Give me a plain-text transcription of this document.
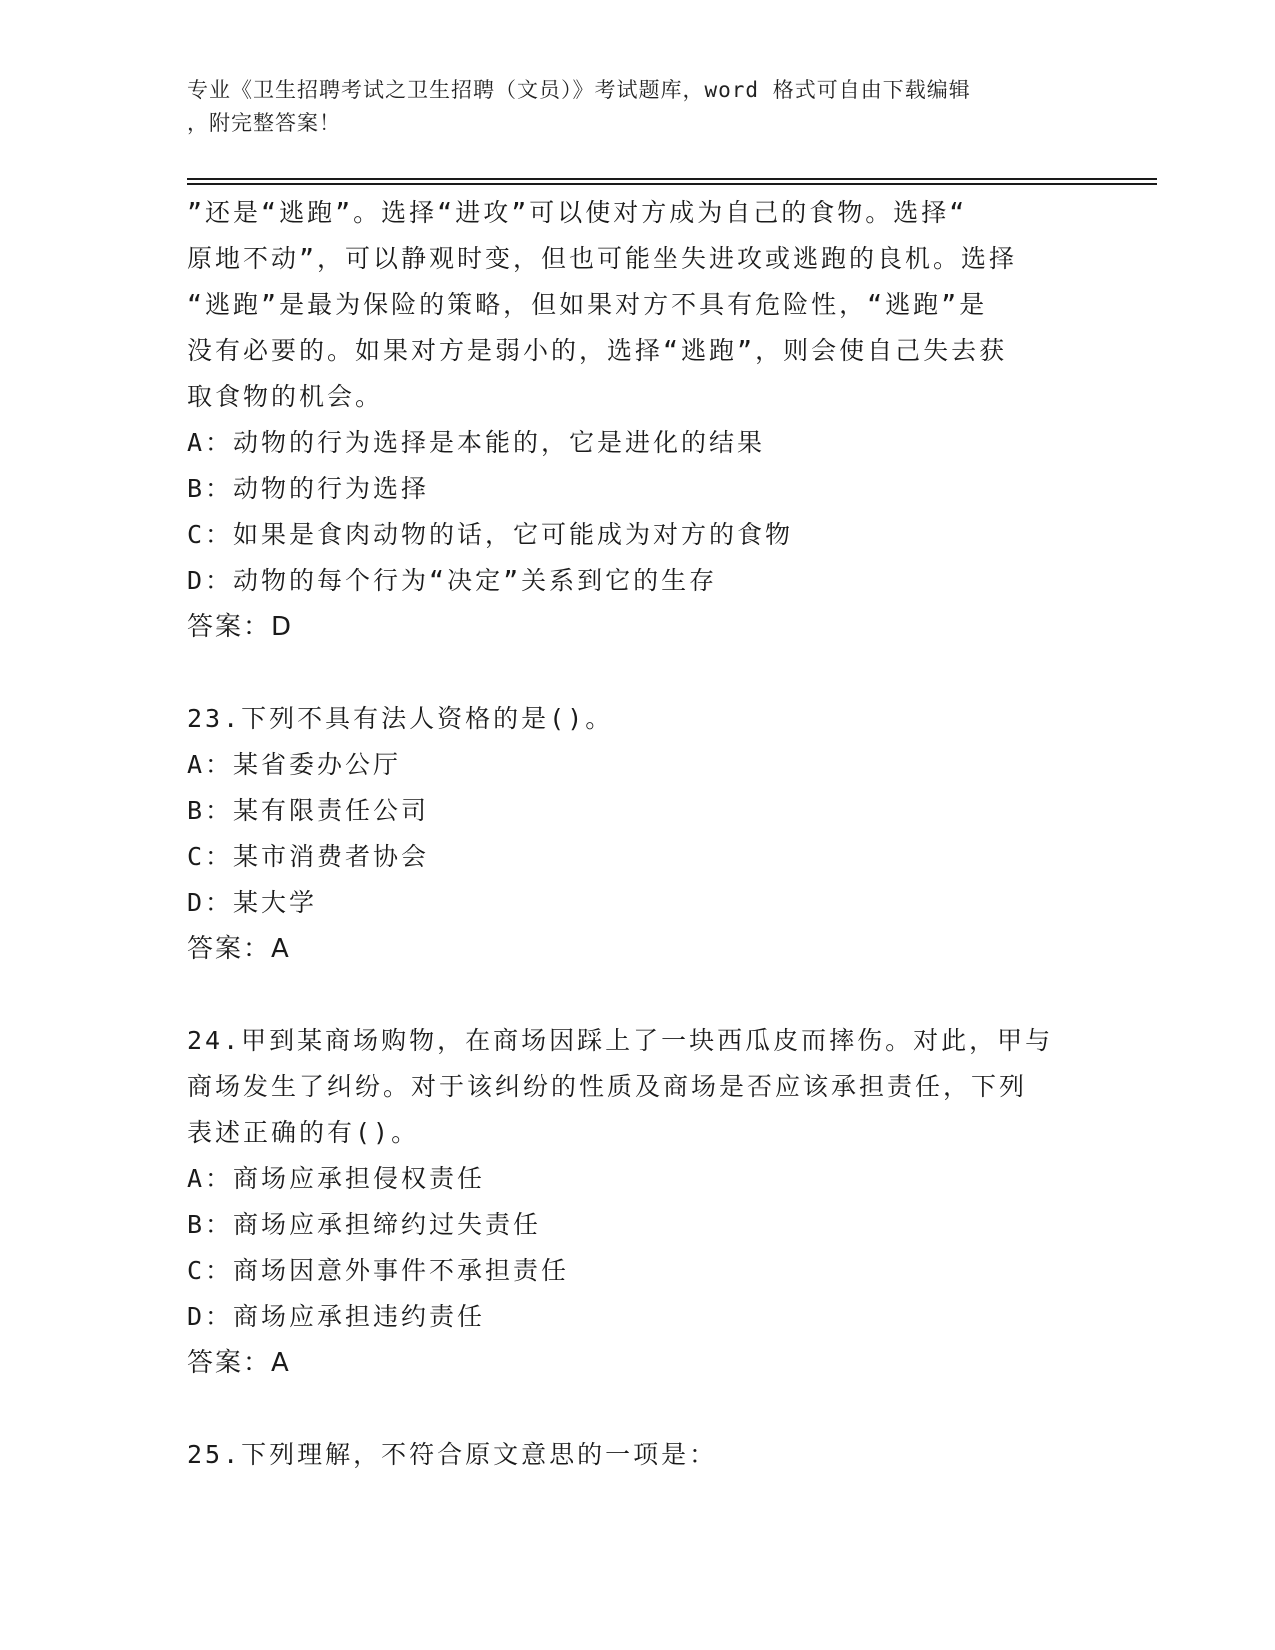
专业《卫生招聘考试之卫生招聘（文员）》考试题库，word 格式可自由下载编辑
，附完整答案！

”还是“逃跑”。选择“进攻”可以使对方成为自己的食物。选择“

原地不动”，可以静观时变，但也可能坐失进攻或逃跑的良机。选择

“逃跑”是最为保险的策略，但如果对方不具有危险性，“逃跑”是

没有必要的。如果对方是弱小的，选择“逃跑”，则会使自己失去获

取食物的机会。

A：动物的行为选择是本能的，它是进化的结果

B：动物的行为选择

C：如果是食肉动物的话，它可能成为对方的食物

D：动物的每个行为“决定”关系到它的生存

答案：D

23.下列不具有法人资格的是()。

A：某省委办公厅

B：某有限责任公司

C：某市消费者协会

D：某大学

答案：A

24.甲到某商场购物，在商场因踩上了一块西瓜皮而摔伤。对此，甲与

商场发生了纠纷。对于该纠纷的性质及商场是否应该承担责任，下列

表述正确的有()。

A：商场应承担侵权责任

B：商场应承担缔约过失责任

C：商场因意外事件不承担责任

D：商场应承担违约责任

答案：A

25.下列理解，不符合原文意思的一项是：
